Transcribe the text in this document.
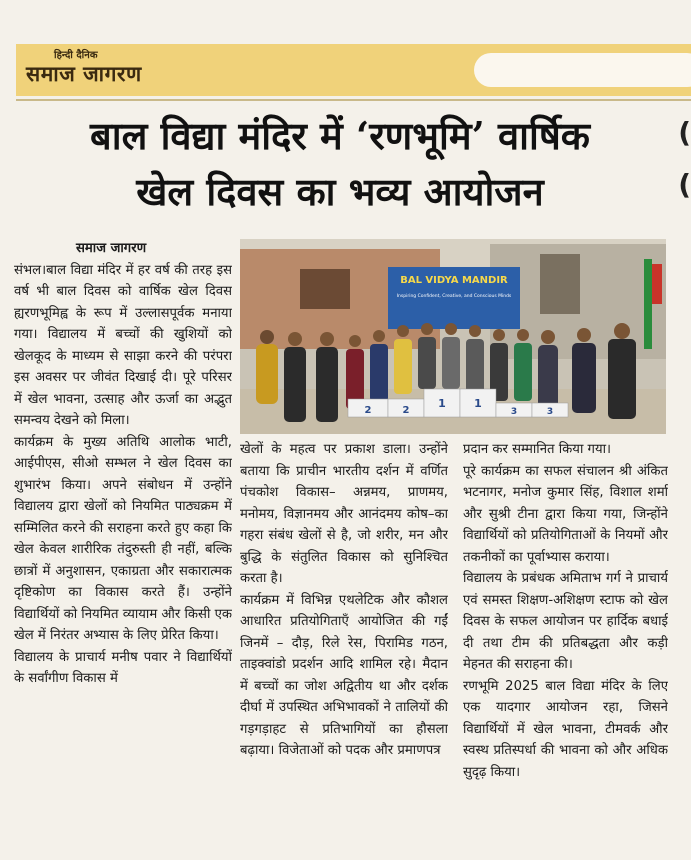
हिन्दी दैनिक
समाज जागरण
बाल विद्या मंदिर में ‘रणभूमि’ वार्षिक
खेल दिवस का भव्य आयोजन
(
(

समाज जागरण

संभल।बाल विद्या मंदिर में हर वर्ष की तरह इस वर्ष भी बाल दिवस को वार्षिक खेल दिवस ह्यरणभूमिह्व के रूप में उल्लासपूर्वक मनाया गया। विद्यालय में बच्चों की खुशियों को खेलकूद के माध्यम से साझा करने की परंपरा इस अवसर पर जीवंत दिखाई दी। पूरे परिसर में खेल भावना, उत्साह और ऊर्जा का अद्भुत समन्वय देखने को मिला।

कार्यक्रम के मुख्य अतिथि आलोक भाटी, आईपीएस, सीओ सम्भल ने खेल दिवस का शुभारंभ किया। अपने संबोधन में उन्होंने विद्यालय द्वारा खेलों को नियमित पाठ्यक्रम में सम्मिलित करने की सराहना करते हुए कहा कि खेल केवल शारीरिक तंदुरुस्ती ही नहीं, बल्कि छात्रों में अनुशासन, एकाग्रता और सकारात्मक दृष्टिकोण का विकास करते हैं। उन्होंने विद्यार्थियों को नियमित व्यायाम और किसी एक खेल में निरंतर अभ्यास के लिए प्रेरित किया।

विद्यालय के प्राचार्य मनीष पवार ने विद्यार्थियों के सर्वांगीण विकास में

BAL VIDYA MANDIR
Inspiring Confident, Creative, and Conscious Minds
2	2
1	1
3	3

खेलों के महत्व पर प्रकाश डाला। उन्होंने बताया कि प्राचीन भारतीय दर्शन में वर्णित पंचकोश विकास– अन्नमय, प्राणमय, मनोमय, विज्ञानमय और आनंदमय कोष–का गहरा संबंध खेलों से है, जो शरीर, मन और बुद्धि के संतुलित विकास को सुनिश्चित करता है।

कार्यक्रम में विभिन्न एथलेटिक और कौशल आधारित प्रतियोगिताएँ आयोजित की गईं जिनमें – दौड़, रिले रेस, पिरामिड गठन, ताइक्वांडो प्रदर्शन आदि शामिल रहे। मैदान में बच्चों का जोश अद्वितीय था और दर्शक दीर्घा में उपस्थित अभिभावकों ने तालियों की गड़गड़ाहट से प्रतिभागियों का हौसला बढ़ाया। विजेताओं को पदक और प्रमाणपत्र

प्रदान कर सम्मानित किया गया।

पूरे कार्यक्रम का सफल संचालन श्री अंकित भटनागर, मनोज कुमार सिंह, विशाल शर्मा और सुश्री टीना द्वारा किया गया, जिन्होंने विद्यार्थियों को प्रतियोगिताओं के नियमों और तकनीकों का पूर्वाभ्यास कराया।

विद्यालय के प्रबंधक अमिताभ गर्ग ने प्राचार्य एवं समस्त शिक्षण-अशिक्षण स्टाफ को खेल दिवस के सफल आयोजन पर हार्दिक बधाई दी तथा टीम की प्रतिबद्धता और कड़ी मेहनत की सराहना की।

रणभूमि 2025 बाल विद्या मंदिर के लिए एक यादगार आयोजन रहा, जिसने विद्यार्थियों में खेल भावना, टीमवर्क और स्वस्थ प्रतिस्पर्धा की भावना को और अधिक सुदृढ़ किया।
